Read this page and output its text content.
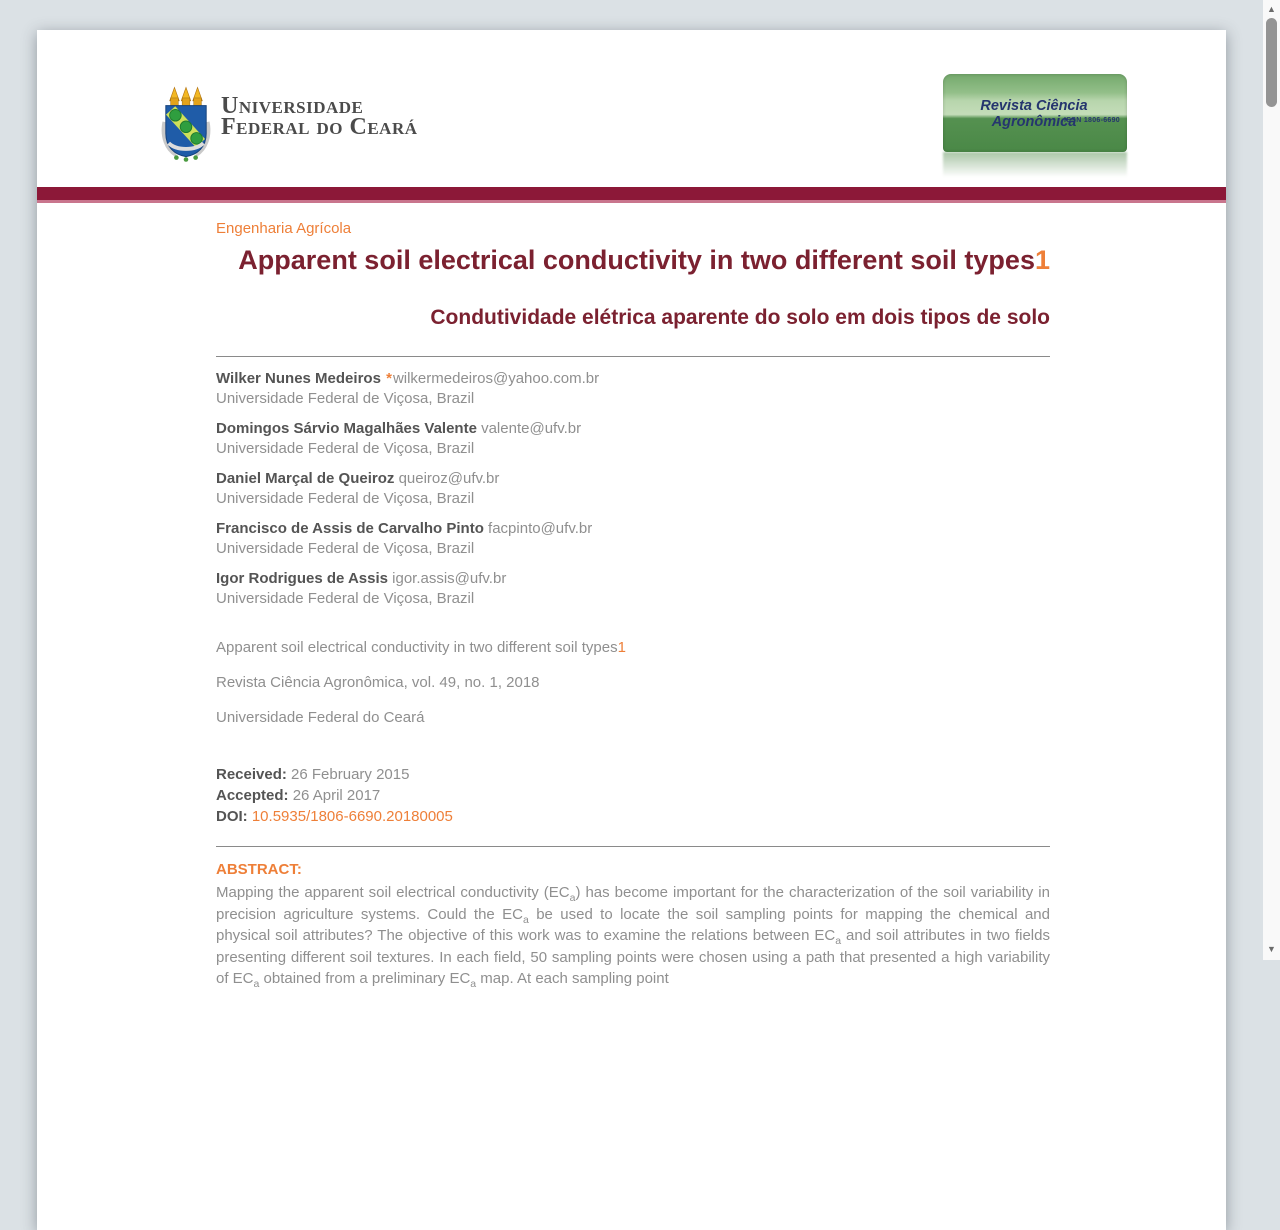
Universidade
Federal do Ceará
Revista Ciência Agronômica
ISSN 1806-6690
Engenharia Agrícola
Apparent soil electrical conductivity in two different soil types1
Condutividade elétrica aparente do solo em dois tipos de solo
Wilker Nunes Medeiros *wilkermedeiros@yahoo.com.br
Universidade Federal de Viçosa, Brazil
Domingos Sárvio Magalhães Valente valente@ufv.br
Universidade Federal de Viçosa, Brazil
Daniel Marçal de Queiroz queiroz@ufv.br
Universidade Federal de Viçosa, Brazil
Francisco de Assis de Carvalho Pinto facpinto@ufv.br
Universidade Federal de Viçosa, Brazil
Igor Rodrigues de Assis igor.assis@ufv.br
Universidade Federal de Viçosa, Brazil
Apparent soil electrical conductivity in two different soil types1
Revista Ciência Agronômica, vol. 49, no. 1, 2018
Universidade Federal do Ceará
Received: 26 February 2015
Accepted: 26 April 2017
DOI: 10.5935/1806-6690.20180005
ABSTRACT:
Mapping the apparent soil electrical conductivity $(EC_a)$ has become important for the characterization of the soil variability in precision agriculture systems. Could the $EC_a$ be used to locate the soil sampling points for mapping the chemical and physical soil attributes? The objective of this work was to examine the relations between $EC_a$ and soil attributes in two fields presenting different soil textures. In each field, 50 sampling points were chosen using a path that presented a high variability of $EC_a$ obtained from a preliminary $EC_a$ map. At each sampling point
▲
▼
